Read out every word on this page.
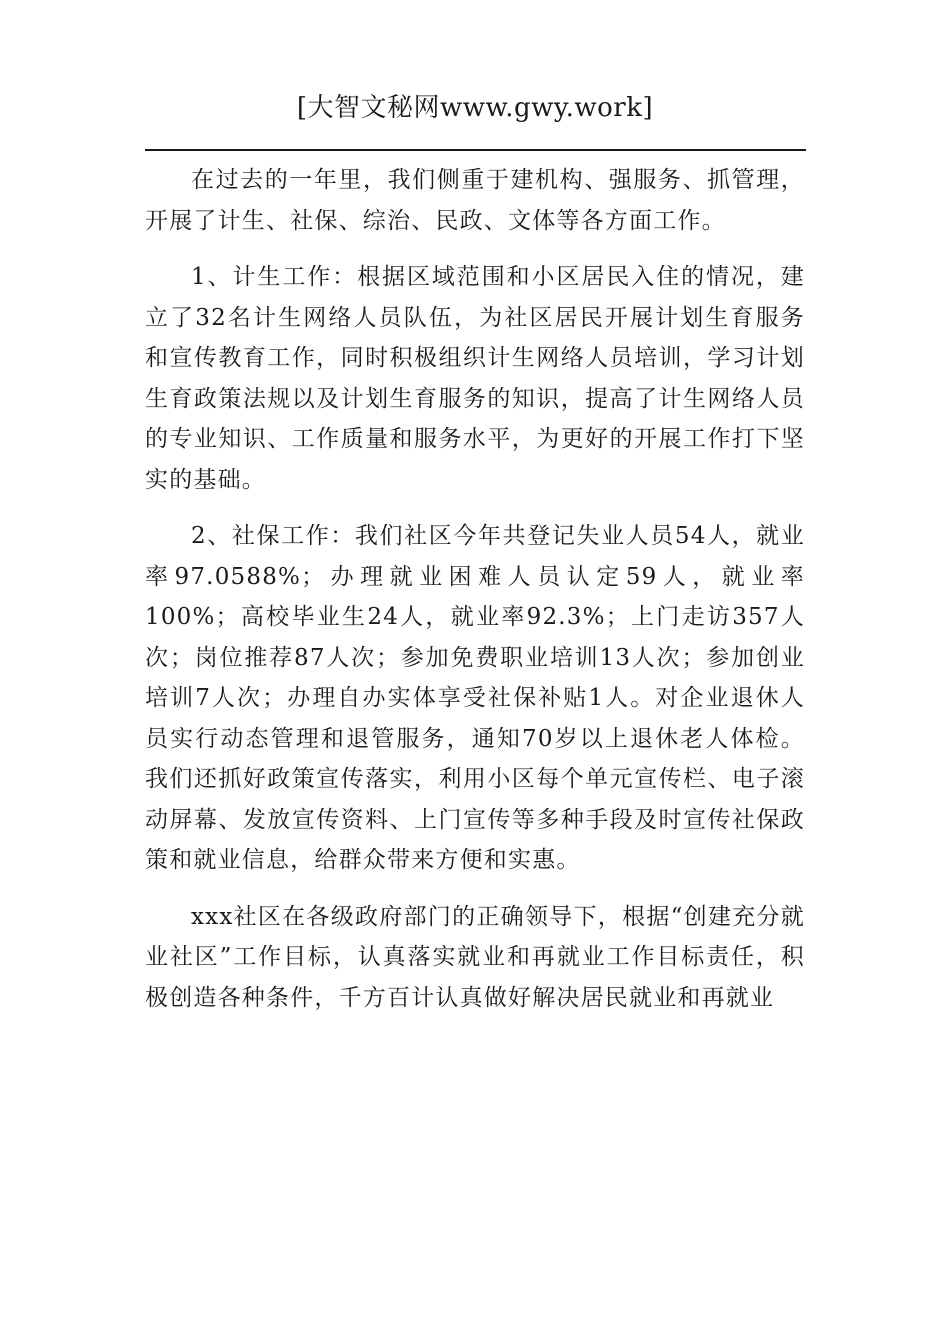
[大智文秘网www.gwy.work]

在过去的一年里，我们侧重于建机构、强服务、抓管理，开展了计生、社保、综治、民政、文体等各方面工作。

1、计生工作：根据区域范围和小区居民入住的情况，建立了32名计生网络人员队伍，为社区居民开展计划生育服务和宣传教育工作，同时积极组织计生网络人员培训，学习计划生育政策法规以及计划生育服务的知识，提高了计生网络人员的专业知识、工作质量和服务水平，为更好的开展工作打下坚实的基础。

2、社保工作：我们社区今年共登记失业人员54人，就业率97.0588%；办理就业困难人员认定59人，就业率100%；高校毕业生24人，就业率92.3%；上门走访357人次；岗位推荐87人次；参加免费职业培训13人次；参加创业培训7人次；办理自办实体享受社保补贴1人。对企业退休人员实行动态管理和退管服务，通知70岁以上退休老人体检。我们还抓好政策宣传落实，利用小区每个单元宣传栏、电子滚动屏幕、发放宣传资料、上门宣传等多种手段及时宣传社保政策和就业信息，给群众带来方便和实惠。

xxx社区在各级政府部门的正确领导下，根据“创建充分就业社区”工作目标，认真落实就业和再就业工作目标责任，积极创造各种条件，千方百计认真做好解决居民就业和再就业
